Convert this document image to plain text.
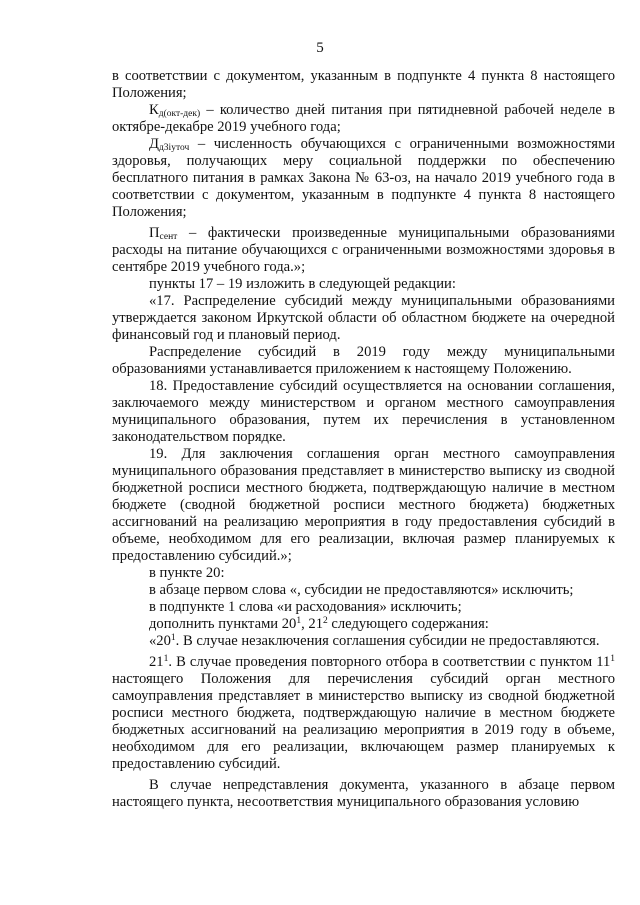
5

в соответствии с документом, указанным в подпункте 4 пункта 8 настоящего Положения;

$К_{д(окт-дек)}$ – количество дней питания при пятидневной рабочей неделе в октябре-декабре 2019 учебного года;

$Д_{д3iуточ}$ – численность обучающихся с ограниченными возможностями здоровья, получающих меру социальной поддержки по обеспечению бесплатного питания в рамках Закона № 63-оз, на начало 2019 учебного года в соответствии с документом, указанным в подпункте 4 пункта 8 настоящего Положения;

$П_{сент}$ – фактически произведенные муниципальными образованиями расходы на питание обучающихся с ограниченными возможностями здоровья в сентябре 2019 учебного года.»;

пункты 17 – 19 изложить в следующей редакции:

«17. Распределение субсидий между муниципальными образованиями утверждается законом Иркутской области об областном бюджете на очередной финансовый год и плановый период.

Распределение субсидий в 2019 году между муниципальными образованиями устанавливается приложением к настоящему Положению.

18. Предоставление субсидий осуществляется на основании соглашения, заключаемого между министерством и органом местного самоуправления муниципального образования, путем их перечисления в установленном законодательством порядке.

19. Для заключения соглашения орган местного самоуправления муниципального образования представляет в министерство выписку из сводной бюджетной росписи местного бюджета, подтверждающую наличие в местном бюджете (сводной бюджетной росписи местного бюджета) бюджетных ассигнований на реализацию мероприятия в году предоставления субсидий в объеме, необходимом для его реализации, включая размер планируемых к предоставлению субсидий.»;

в пункте 20:

в абзаце первом слова «, субсидии не предоставляются» исключить;

в подпункте 1 слова «и расходования» исключить;

дополнить пунктами $20^1$, $21^2$ следующего содержания:

«$20^1$. В случае незаключения соглашения субсидии не предоставляются.

$21^1$. В случае проведения повторного отбора в соответствии с пунктом $11^1$ настоящего Положения для перечисления субсидий орган местного самоуправления представляет в министерство выписку из сводной бюджетной росписи местного бюджета, подтверждающую наличие в местном бюджете бюджетных ассигнований на реализацию мероприятия в 2019 году в объеме, необходимом для его реализации, включающем размер планируемых к предоставлению субсидий.

В случае непредставления документа, указанного в абзаце первом настоящего пункта, несоответствия муниципального образования условию
